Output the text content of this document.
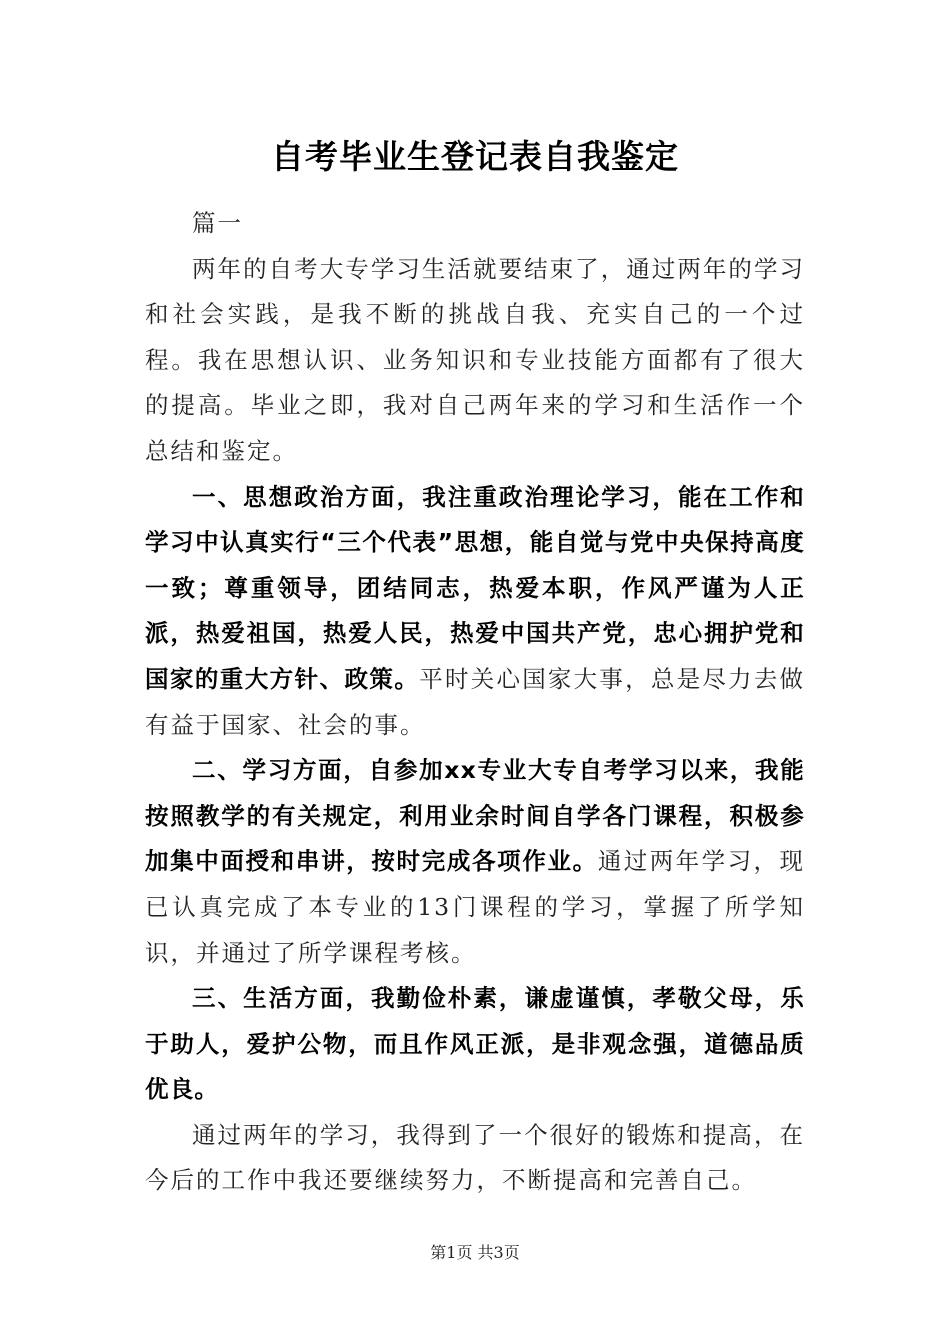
自考毕业生登记表自我鉴定

篇一

两年的自考大专学习生活就要结束了，通过两年的学习和社会实践，是我不断的挑战自我、充实自己的一个过程。我在思想认识、业务知识和专业技能方面都有了很大的提高。毕业之即，我对自己两年来的学习和生活作一个总结和鉴定。

一、思想政治方面，我注重政治理论学习，能在工作和学习中认真实行“三个代表”思想，能自觉与党中央保持高度一致；尊重领导，团结同志，热爱本职，作风严谨为人正派，热爱祖国，热爱人民，热爱中国共产党，忠心拥护党和国家的重大方针、政策。平时关心国家大事，总是尽力去做有益于国家、社会的事。

二、学习方面，自参加xx专业大专自考学习以来，我能按照教学的有关规定，利用业余时间自学各门课程，积极参加集中面授和串讲，按时完成各项作业。通过两年学习，现已认真完成了本专业的13门课程的学习，掌握了所学知识，并通过了所学课程考核。

三、生活方面，我勤俭朴素，谦虚谨慎，孝敬父母，乐于助人，爱护公物，而且作风正派，是非观念强，道德品质优良。

通过两年的学习，我得到了一个很好的锻炼和提高，在今后的工作中我还要继续努力，不断提高和完善自己。

第1页 共3页
